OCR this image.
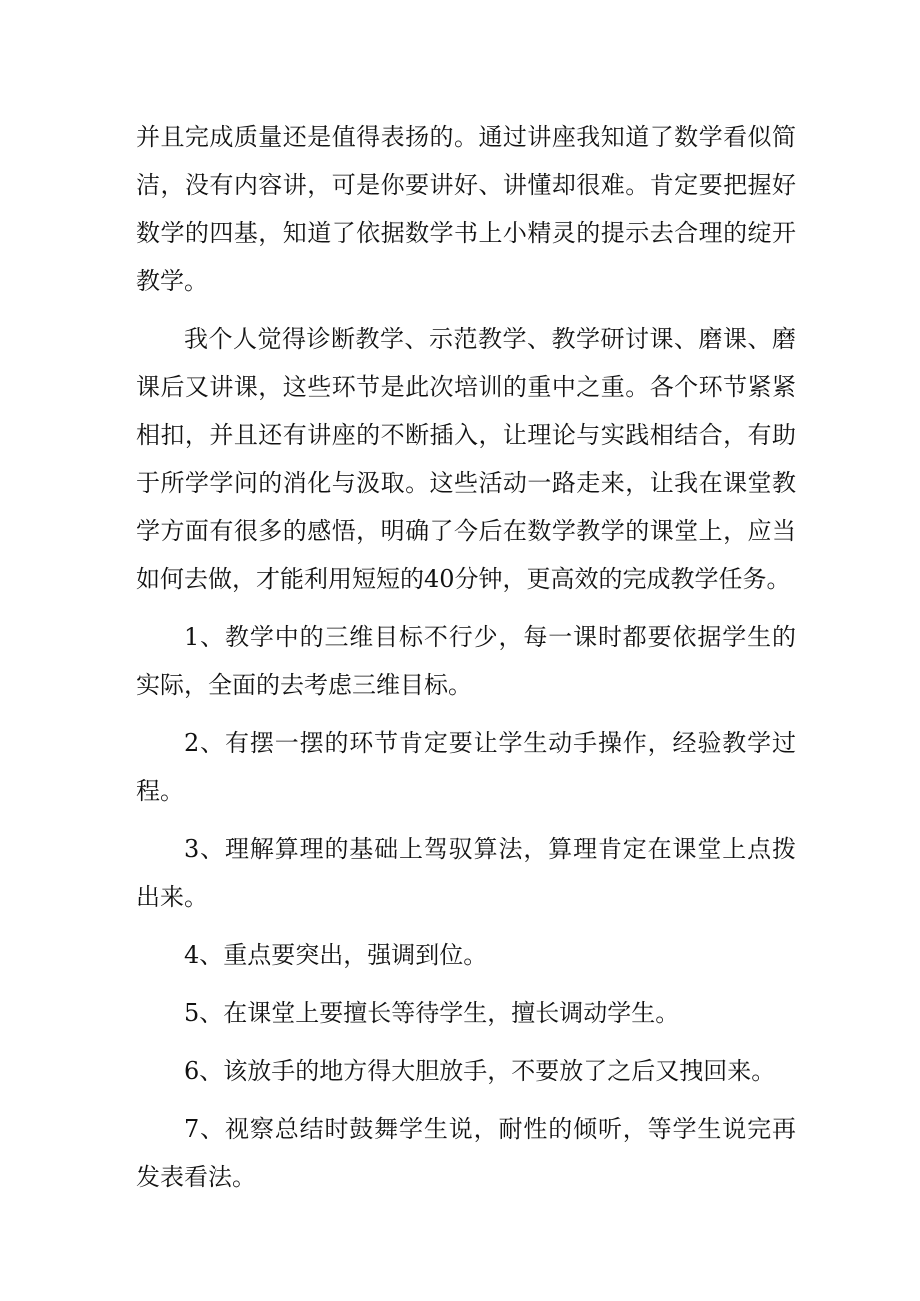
并且完成质量还是值得表扬的。通过讲座我知道了数学看似简洁，没有内容讲，可是你要讲好、讲懂却很难。肯定要把握好数学的四基，知道了依据数学书上小精灵的提示去合理的绽开教学。

我个人觉得诊断教学、示范教学、教学研讨课、磨课、磨课后又讲课，这些环节是此次培训的重中之重。各个环节紧紧相扣，并且还有讲座的不断插入，让理论与实践相结合，有助于所学学问的消化与汲取。这些活动一路走来，让我在课堂教学方面有很多的感悟，明确了今后在数学教学的课堂上，应当如何去做，才能利用短短的40分钟，更高效的完成教学任务。

1、教学中的三维目标不行少，每一课时都要依据学生的实际，全面的去考虑三维目标。

2、有摆一摆的环节肯定要让学生动手操作，经验教学过程。

3、理解算理的基础上驾驭算法，算理肯定在课堂上点拨出来。

4、重点要突出，强调到位。

5、在课堂上要擅长等待学生，擅长调动学生。

6、该放手的地方得大胆放手，不要放了之后又拽回来。

7、视察总结时鼓舞学生说，耐性的倾听，等学生说完再发表看法。
